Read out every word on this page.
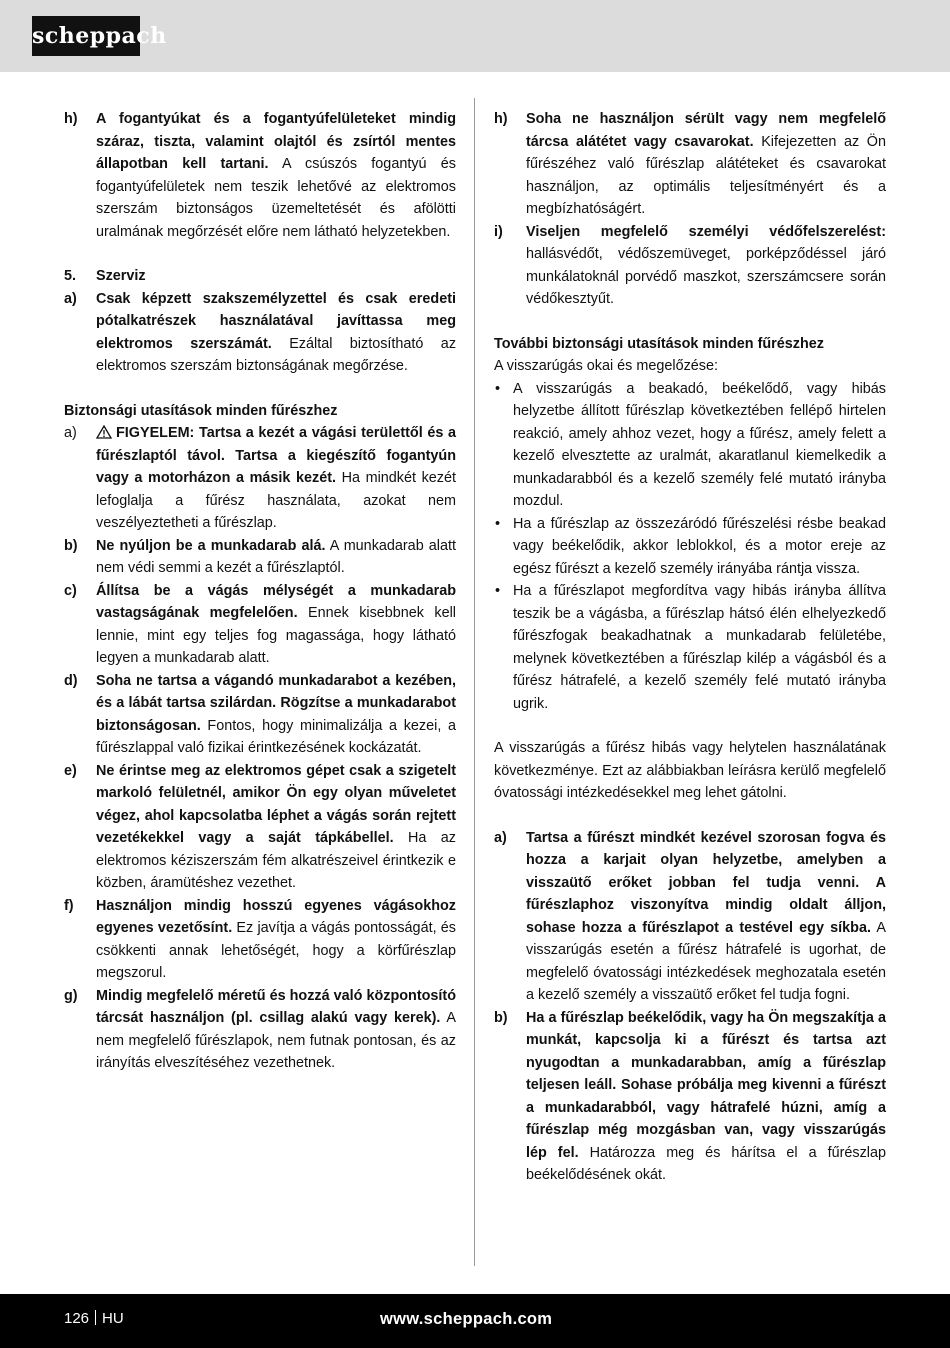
scheppach
h) A fogantyúkat és a fogantyúfelületeket mindig száraz, tiszta, valamint olajtól és zsírtól mentes állapotban kell tartani. A csúszós fogantyú és fogantyúfelületek nem teszik lehetővé az elektromos szerszám biztonságos üzemeltetését és afölötti uralmának megőrzését előre nem látható helyzetekben.
5. Szerviz
a) Csak képzett szakszemélyzettel és csak eredeti pótalkatrészek használatával javíttassa meg elektromos szerszámát. Ezáltal biztosítható az elektromos szerszám biztonságának megőrzése.
Biztonsági utasítások minden fűrészhez
a)	FIGYELEM: Tartsa a kezét a vágási területtől és a fűrészlaptól távol. Tartsa a kiegészítő fogantyún vagy a motorházon a másik kezét. Ha mindkét kezét lefoglalja a fűrész használata, azokat nem veszélyeztetheti a fűrészlap.
b) Ne nyúljon be a munkadarab alá. A munkadarab alatt nem védi semmi a kezét a fűrészlaptól.
c) Állítsa be a vágás mélységét a munkadarab vastagságának megfelelően. Ennek kisebbnek kell lennie, mint egy teljes fog magassága, hogy látható legyen a munkadarab alatt.
d) Soha ne tartsa a vágandó munkadarabot a kezében, és a lábát tartsa szilárdan. Rögzítse a munkadarabot biztonságosan. Fontos, hogy minimalizálja a kezei, a fűrészlappal való fizikai érintkezésének kockázatát.
e) Ne érintse meg az elektromos gépet csak a szigetelt markoló felületnél, amikor Ön egy olyan műveletet végez, ahol kapcsolatba léphet a vágás során rejtett vezetékekkel vagy a saját tápkábellel. Ha az elektromos kéziszerszám fém alkatrészeivel érintkezik e közben, áramütéshez vezethet.
f) Használjon mindig hosszú egyenes vágásokhoz egyenes vezetősínt. Ez javítja a vágás pontosságát, és csökkenti annak lehetőségét, hogy a körfűrészlap megszorul.
g) Mindig megfelelő méretű és hozzá való központosító tárcsát használjon (pl. csillag alakú vagy kerek). A nem megfelelő fűrészlapok, nem futnak pontosan, és az irányítás elveszítéséhez vezethetnek.
h) Soha ne használjon sérült vagy nem megfelelő tárcsa alátétet vagy csavarokat. Kifejezetten az Ön fűrészéhez való fűrészlap alátéteket és csavarokat használjon, az optimális teljesítményért és a megbízhatóságért.
i) Viseljen megfelelő személyi védőfelszerelést: hallásvédőt, védőszemüveget, porképződéssel járó munkálatoknál porvédő maszkot, szerszámcsere során védőkesztyűt.
További biztonsági utasítások minden fűrészhez
A visszarúgás okai és megelőzése:
• A visszarúgás a beakadó, beékelődő, vagy hibás helyzetbe állított fűrészlap következtében fellépő hirtelen reakció, amely ahhoz vezet, hogy a fűrész, amely felett a kezelő elvesztette az uralmát, akaratlanul kiemelkedik a munkadarabból és a kezelő személy felé mutató irányba mozdul.
• Ha a fűrészlap az összezáródó fűrészelési résbe beakad vagy beékelődik, akkor leblokkol, és a motor ereje az egész fűrészt a kezelő személy irányába rántja vissza.
• Ha a fűrészlapot megfordítva vagy hibás irányba állítva teszik be a vágásba, a fűrészlap hátsó élén elhelyezkedő fűrészfogak beakadhatnak a munkadarab felületébe, melynek következtében a fűrészlap kilép a vágásból és a fűrész hátrafelé, a kezelő személy felé mutató irányba ugrik.
A visszarúgás a fűrész hibás vagy helytelen használatának következménye. Ezt az alábbiakban leírásra kerülő megfelelő óvatossági intézkedésekkel meg lehet gátolni.
a) Tartsa a fűrészt mindkét kezével szorosan fogva és hozza a karjait olyan helyzetbe, amelyben a visszaütő erőket jobban fel tudja venni. A fűrészlaphoz viszonyítva mindig oldalt álljon, sohase hozza a fűrészlapot a testével egy síkba. A visszarúgás esetén a fűrész hátrafelé is ugorhat, de megfelelő óvatossági intézkedések meghozatala esetén a kezelő személy a visszaütő erőket fel tudja fogni.
b) Ha a fűrészlap beékelődik, vagy ha Ön megszakítja a munkát, kapcsolja ki a fűrészt és tartsa azt nyugodtan a munkadarabban, amíg a fűrészlap teljesen leáll. Sohase próbálja meg kivenni a fűrészt a munkadarabból, vagy hátrafelé húzni, amíg a fűrészlap még mozgásban van, vagy visszarúgás lép fel. Határozza meg és hárítsa el a fűrészlap beékelődésének okát.
126 HU	www.scheppach.com
